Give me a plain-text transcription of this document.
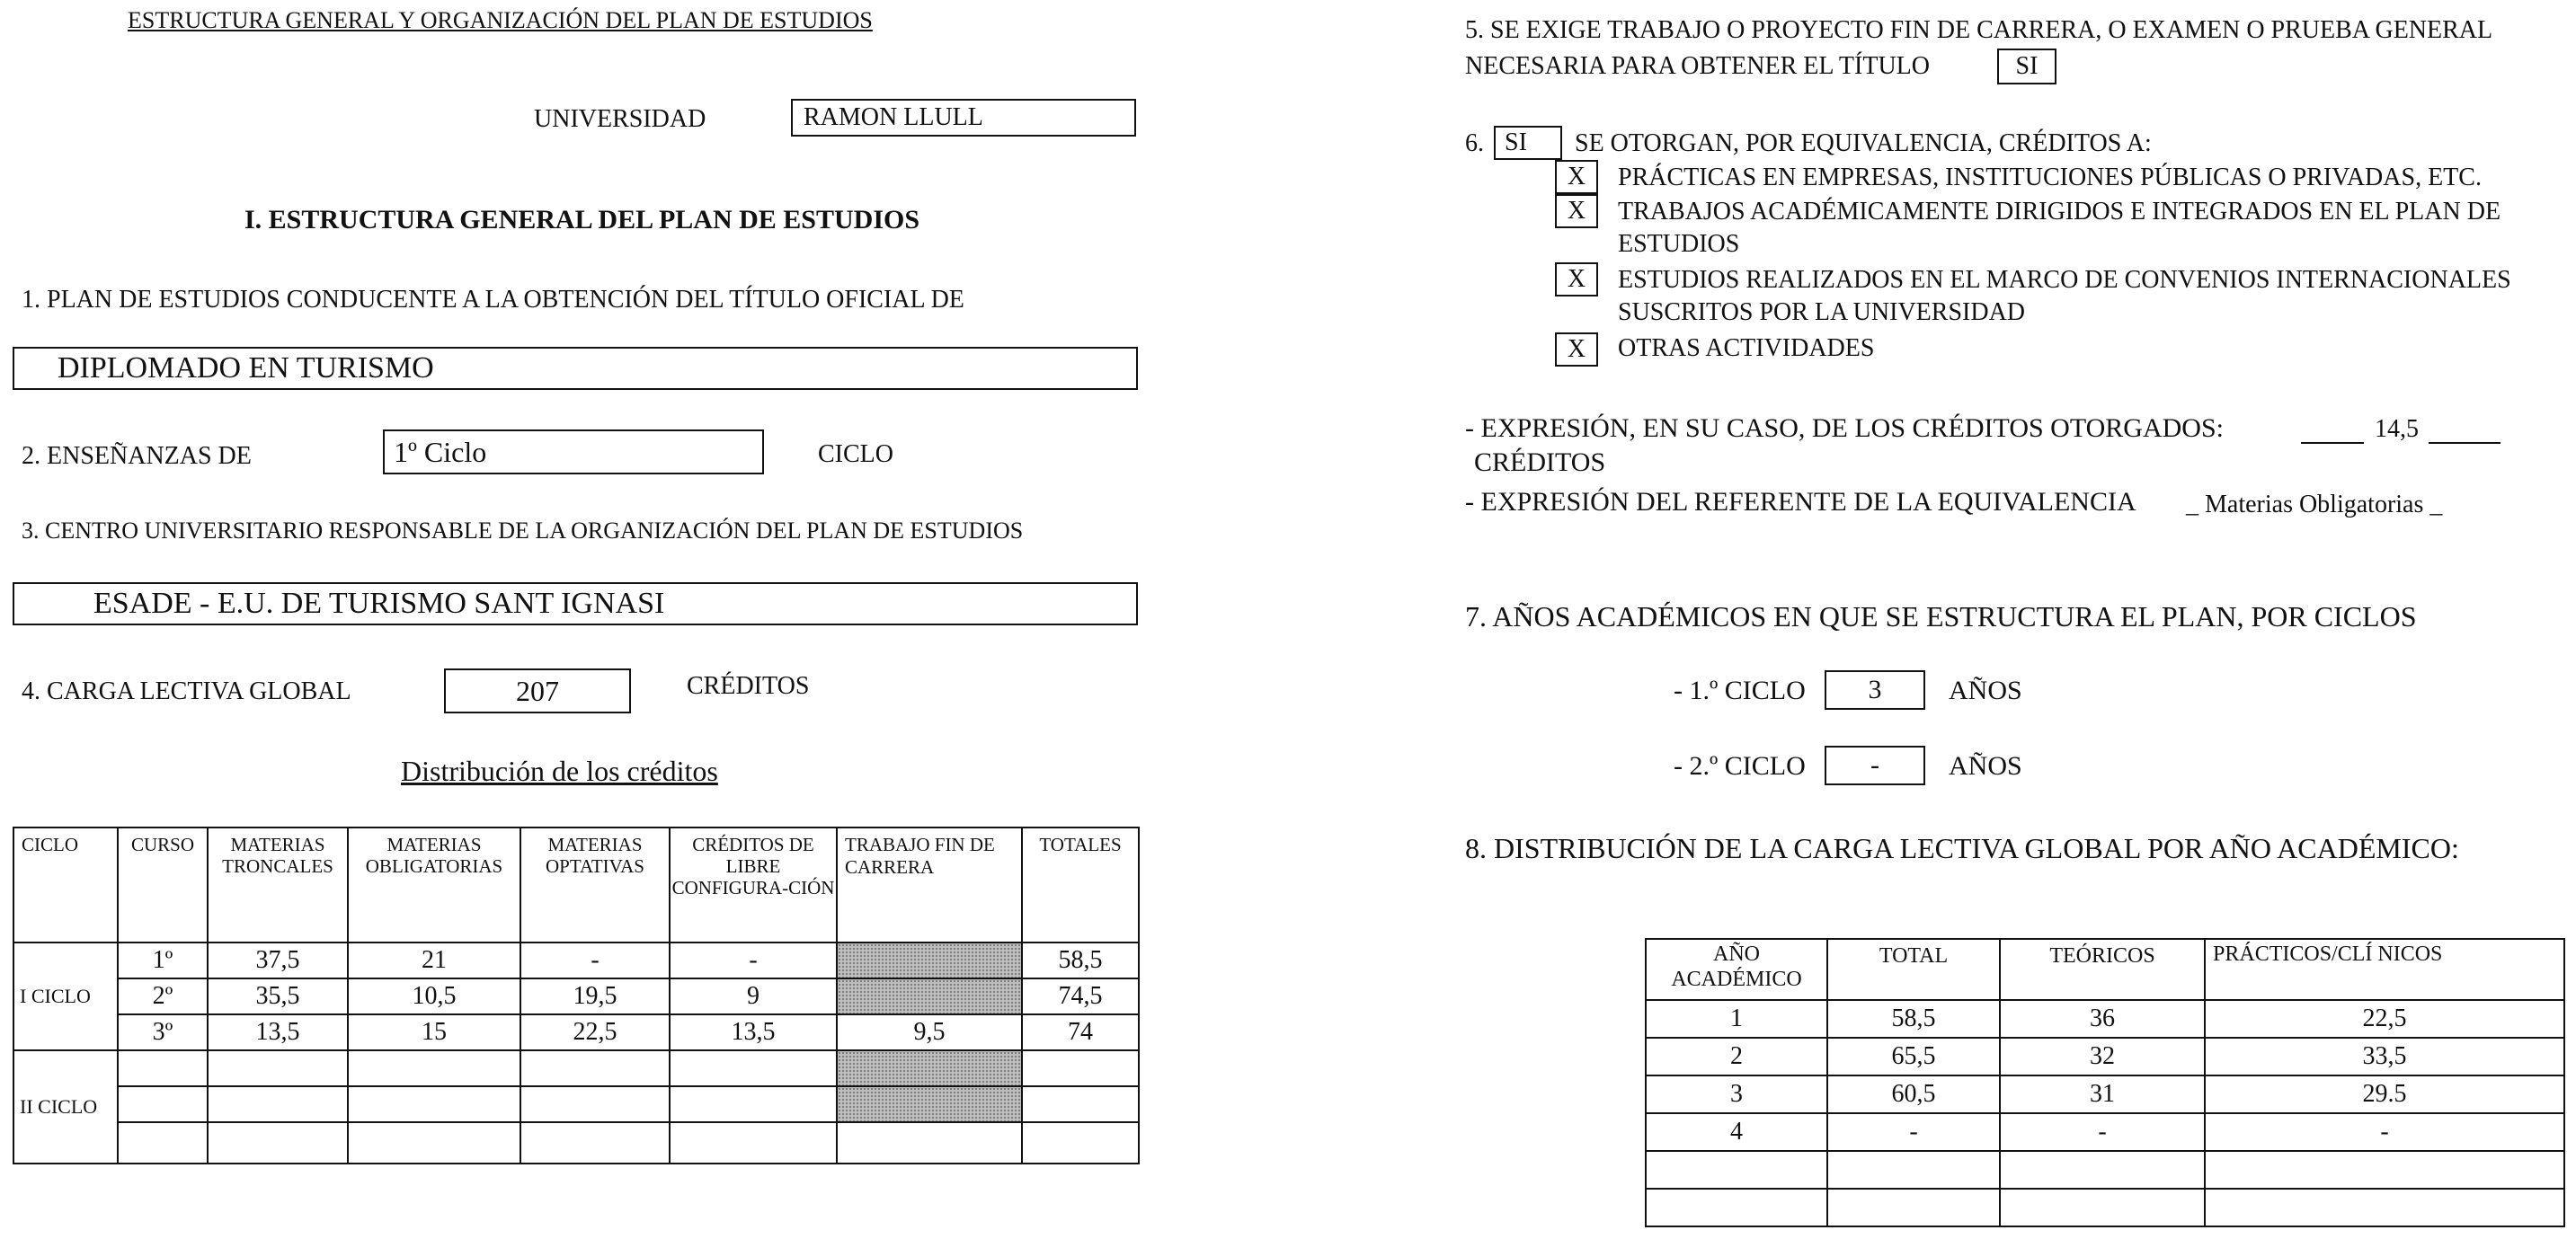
ESTRUCTURA GENERAL Y ORGANIZACIÓN DEL PLAN DE ESTUDIOS
UNIVERSIDAD	RAMON LLULL
I. ESTRUCTURA GENERAL DEL PLAN DE ESTUDIOS
1. PLAN DE ESTUDIOS CONDUCENTE A LA OBTENCIÓN DEL TÍTULO OFICIAL DE
DIPLOMADO EN TURISMO
2. ENSEÑANZAS DE	1º Ciclo	CICLO
3. CENTRO UNIVERSITARIO RESPONSABLE DE LA ORGANIZACIÓN DEL PLAN DE ESTUDIOS
ESADE - E.U. DE TURISMO SANT IGNASI
4. CARGA LECTIVA GLOBAL	207	CRÉDITOS
Distribución de los créditos
CICLO	CURSO	MATERIAS TRONCALES	MATERIAS OBLIGATORIAS	MATERIAS OPTATIVAS	CRÉDITOS DE LIBRE CONFIGURA-CIÓN	TRABAJO FIN DE CARRERA	TOTALES
I CICLO	1º	37,5	21	-	-		58,5
	2º	35,5	10,5	19,5	9		74,5
	3º	13,5	15	22,5	13,5	9,5	74
II CICLO							

5. SE EXIGE TRABAJO O PROYECTO FIN DE CARRERA, O EXAMEN O PRUEBA GENERAL
NECESARIA PARA OBTENER EL TÍTULO	SI
6. SI	SE OTORGAN, POR EQUIVALENCIA, CRÉDITOS A:
X	PRÁCTICAS EN EMPRESAS, INSTITUCIONES PÚBLICAS O PRIVADAS, ETC.
X	TRABAJOS ACADÉMICAMENTE DIRIGIDOS E INTEGRADOS EN EL PLAN DE
ESTUDIOS
X	ESTUDIOS REALIZADOS EN EL MARCO DE CONVENIOS INTERNACIONALES
SUSCRITOS POR LA UNIVERSIDAD
X	OTRAS ACTIVIDADES
- EXPRESIÓN, EN SU CASO, DE LOS CRÉDITOS OTORGADOS:	14,5
CRÉDITOS
- EXPRESIÓN DEL REFERENTE DE LA EQUIVALENCIA _ Materias Obligatorias _
7. AÑOS ACADÉMICOS EN QUE SE ESTRUCTURA EL PLAN, POR CICLOS
- 1.º CICLO	3	AÑOS
- 2.º CICLO	-	AÑOS
8. DISTRIBUCIÓN DE LA CARGA LECTIVA GLOBAL POR AÑO ACADÉMICO:
AÑO ACADÉMICO	TOTAL	TEÓRICOS	PRÁCTICOS/CLÍ NICOS
1	58,5	36	22,5
2	65,5	32	33,5
3	60,5	31	29.5
4	-	-	-
